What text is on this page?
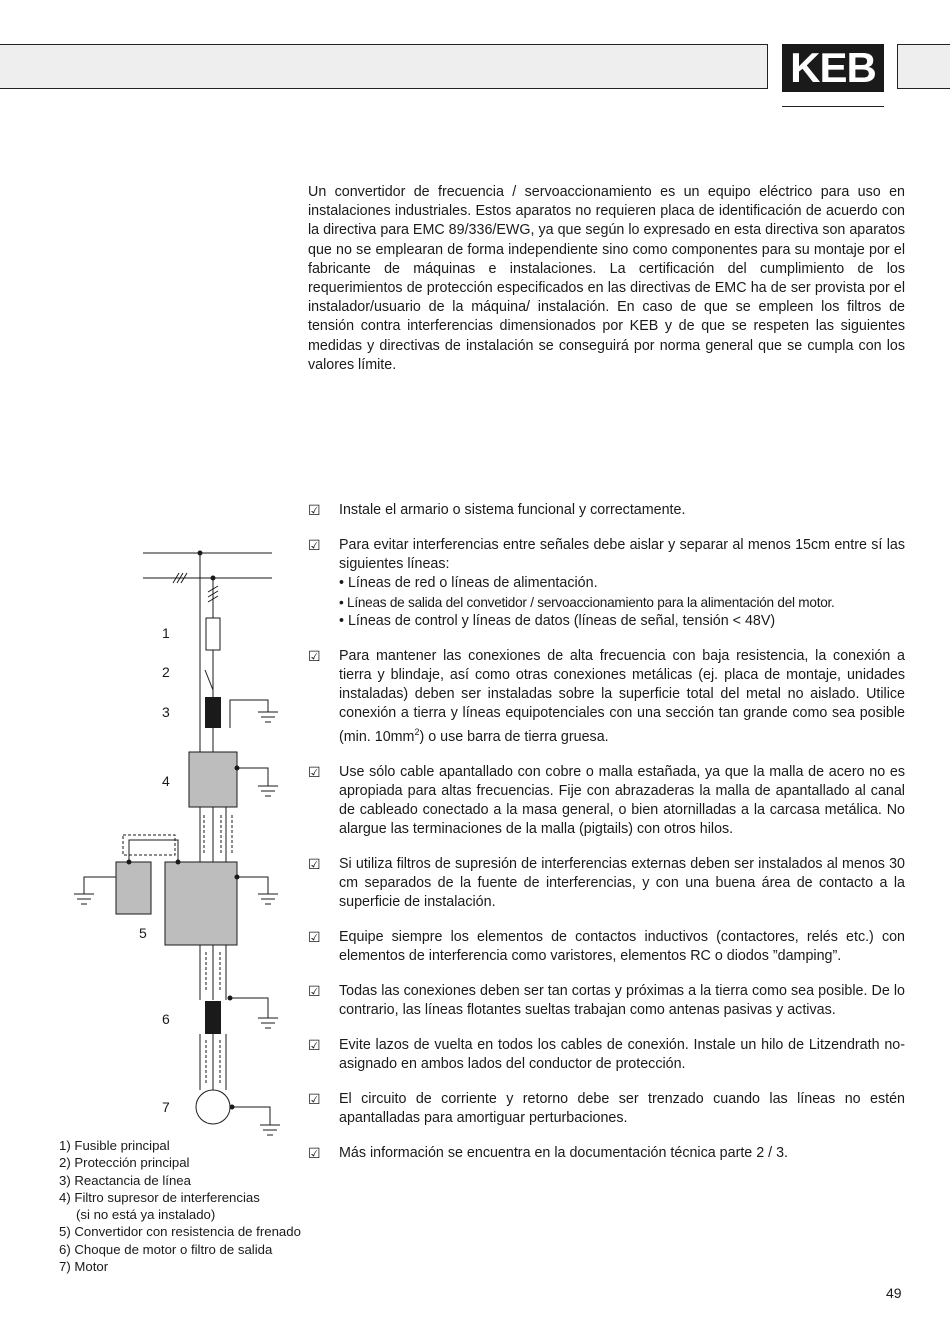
KEB

Un convertidor de frecuencia / servoaccionamiento es un equipo eléctrico para uso en instalaciones industriales. Estos aparatos no requieren placa de identificación de acuerdo con la directiva para EMC 89/336/EWG, ya que según lo expresado en esta directiva son aparatos que no se emplearan de forma independiente sino como componentes para su montaje por el fabricante de máquinas e instalaciones. La certificación del cumplimiento de los requerimientos de protección especificados en las directivas de EMC ha de ser provista por el instalador/usuario de la máquina/ instalación. En caso de que se empleen los filtros de tensión contra interferencias dimensionados por KEB y de que se respeten las siguientes medidas y directivas de instalación se conseguirá por norma general que se cumpla con los valores límite.

☑ Instale el armario o sistema funcional y correctamente.
☑ Para evitar interferencias entre señales debe aislar y separar al menos 15cm entre sí las siguientes líneas:
• Líneas de red o líneas de alimentación.
• Líneas de salida del convetidor / servoaccionamiento para la alimentación del motor.
• Líneas de control y líneas de datos (líneas de señal, tensión < 48V)
☑ Para mantener las conexiones de alta frecuencia con baja resistencia, la conexión a tierra y blindaje, así como otras conexiones metálicas (ej. placa de montaje, unidades instaladas) deben ser instaladas sobre la superficie total del metal no aislado. Utilice conexión a tierra y líneas equipotenciales con una sección tan grande como sea posible (min. $10mm^2$) o use barra de tierra gruesa.
☑ Use sólo cable apantallado con cobre o malla estañada, ya que la malla de acero no es apropiada para altas frecuencias. Fije con abrazaderas la malla de apantallado al canal de cableado conectado a la masa general, o bien atornilladas a la carcasa metálica. No alargue las terminaciones de la malla (pigtails) con otros hilos.
☑ Si utiliza filtros de supresión de interferencias externas deben ser instalados al menos 30 cm separados de la fuente de interferencias, y con una buena área de contacto a la superficie de instalación.
☑ Equipe siempre los elementos de contactos inductivos (contactores, relés etc.) con elementos de interferencia como varistores, elementos RC o diodos ”damping”.
☑ Todas las conexiones deben ser tan cortas y próximas a la tierra como sea posible. De lo contrario, las líneas flotantes sueltas trabajan como antenas pasivas y activas.
☑ Evite lazos de vuelta en todos los cables de conexión. Instale un hilo de Litzendrath no-asignado en ambos lados del conductor de protección.
☑ El circuito de corriente y retorno debe ser trenzado cuando las líneas no estén apantalladas para amortiguar perturbaciones.
☑ Más información se encuentra en la documentación técnica parte 2 / 3.
1
2
3
4
5
6
7
1) Fusible principal
2) Protección principal
3) Reactancia de línea
4) Filtro supresor de interferencias
(si no está ya instalado)
5) Convertidor con resistencia de frenado
6) Choque de motor o filtro de salida
7) Motor
49
